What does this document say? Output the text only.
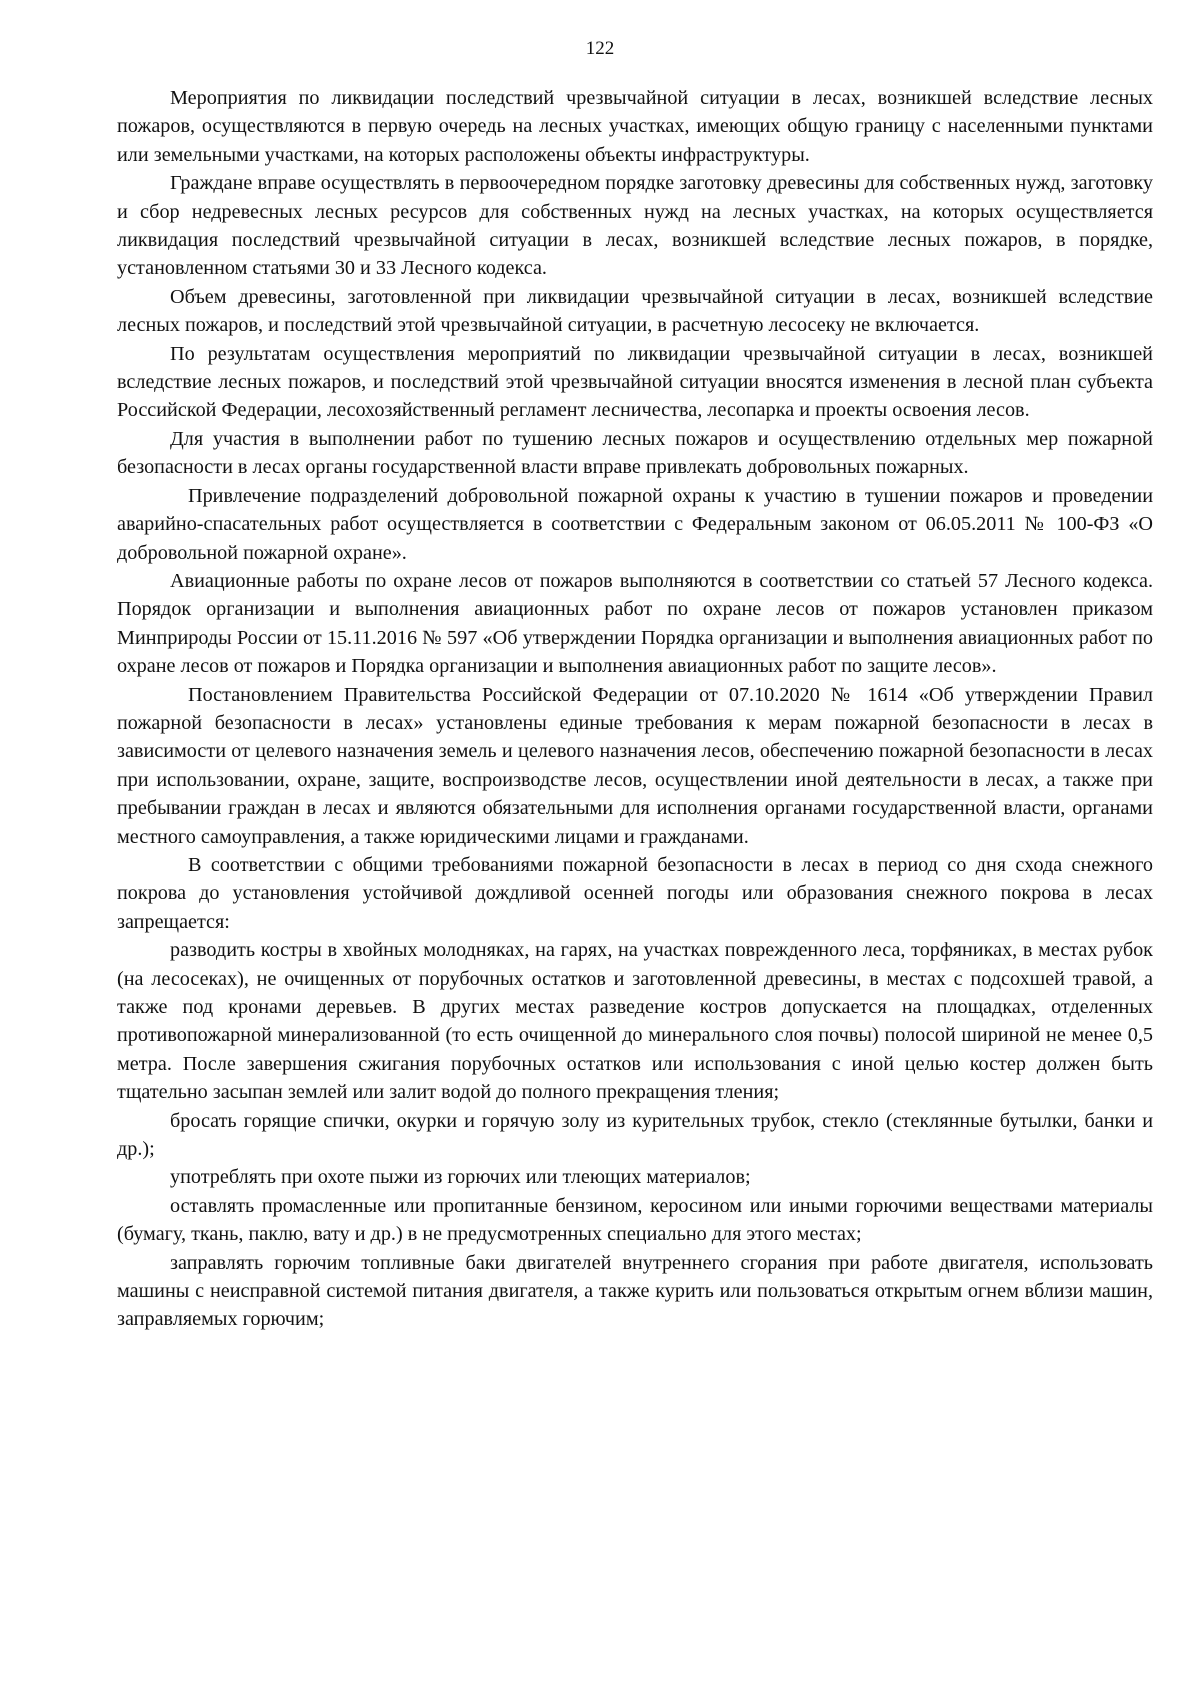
122

Мероприятия по ликвидации последствий чрезвычайной ситуации в лесах, возникшей вследствие лесных пожаров, осуществляются в первую очередь на лесных участках, имеющих общую границу с населенными пунктами или земельными участками, на которых расположены объекты инфраструктуры.

Граждане вправе осуществлять в первоочередном порядке заготовку древесины для собственных нужд, заготовку и сбор недревесных лесных ресурсов для собственных нужд на лесных участках, на которых осуществляется ликвидация последствий чрезвычайной ситуации в лесах, возникшей вследствие лесных пожаров, в порядке, установленном статьями 30 и 33 Лесного кодекса.

Объем древесины, заготовленной при ликвидации чрезвычайной ситуации в лесах, возникшей вследствие лесных пожаров, и последствий этой чрезвычайной ситуации, в расчетную лесосеку не включается.

По результатам осуществления мероприятий по ликвидации чрезвычайной ситуации в лесах, возникшей вследствие лесных пожаров, и последствий этой чрезвычайной ситуации вносятся изменения в лесной план субъекта Российской Федерации, лесохозяйственный регламент лесничества, лесопарка и проекты освоения лесов.

Для участия в выполнении работ по тушению лесных пожаров и осуществлению отдельных мер пожарной безопасности в лесах органы государственной власти вправе привлекать добровольных пожарных.

Привлечение подразделений добровольной пожарной охраны к участию в тушении пожаров и проведении аварийно-спасательных работ осуществляется в соответствии с Федеральным законом от 06.05.2011 № 100-ФЗ «О добровольной пожарной охране».

Авиационные работы по охране лесов от пожаров выполняются в соответствии со статьей 57 Лесного кодекса. Порядок организации и выполнения авиационных работ по охране лесов от пожаров установлен приказом Минприроды России от 15.11.2016 № 597 «Об утверждении Порядка организации и выполнения авиационных работ по охране лесов от пожаров и Порядка организации и выполнения авиационных работ по защите лесов».

Постановлением Правительства Российской Федерации от 07.10.2020 № 1614 «Об утверждении Правил пожарной безопасности в лесах» установлены единые требования к мерам пожарной безопасности в лесах в зависимости от целевого назначения земель и целевого назначения лесов, обеспечению пожарной безопасности в лесах при использовании, охране, защите, воспроизводстве лесов, осуществлении иной деятельности в лесах, а также при пребывании граждан в лесах и являются обязательными для исполнения органами государственной власти, органами местного самоуправления, а также юридическими лицами и гражданами.

В соответствии с общими требованиями пожарной безопасности в лесах в период со дня схода снежного покрова до установления устойчивой дождливой осенней погоды или образования снежного покрова в лесах запрещается:

разводить костры в хвойных молодняках, на гарях, на участках поврежденного леса, торфяниках, в местах рубок (на лесосеках), не очищенных от порубочных остатков и заготовленной древесины, в местах с подсохшей травой, а также под кронами деревьев. В других местах разведение костров допускается на площадках, отделенных противопожарной минерализованной (то есть очищенной до минерального слоя почвы) полосой шириной не менее 0,5 метра. После завершения сжигания порубочных остатков или использования с иной целью костер должен быть тщательно засыпан землей или залит водой до полного прекращения тления;

бросать горящие спички, окурки и горячую золу из курительных трубок, стекло (стеклянные бутылки, банки и др.);

употреблять при охоте пыжи из горючих или тлеющих материалов;

оставлять промасленные или пропитанные бензином, керосином или иными горючими веществами материалы (бумагу, ткань, паклю, вату и др.) в не предусмотренных специально для этого местах;

заправлять горючим топливные баки двигателей внутреннего сгорания при работе двигателя, использовать машины с неисправной системой питания двигателя, а также курить или пользоваться открытым огнем вблизи машин, заправляемых горючим;
